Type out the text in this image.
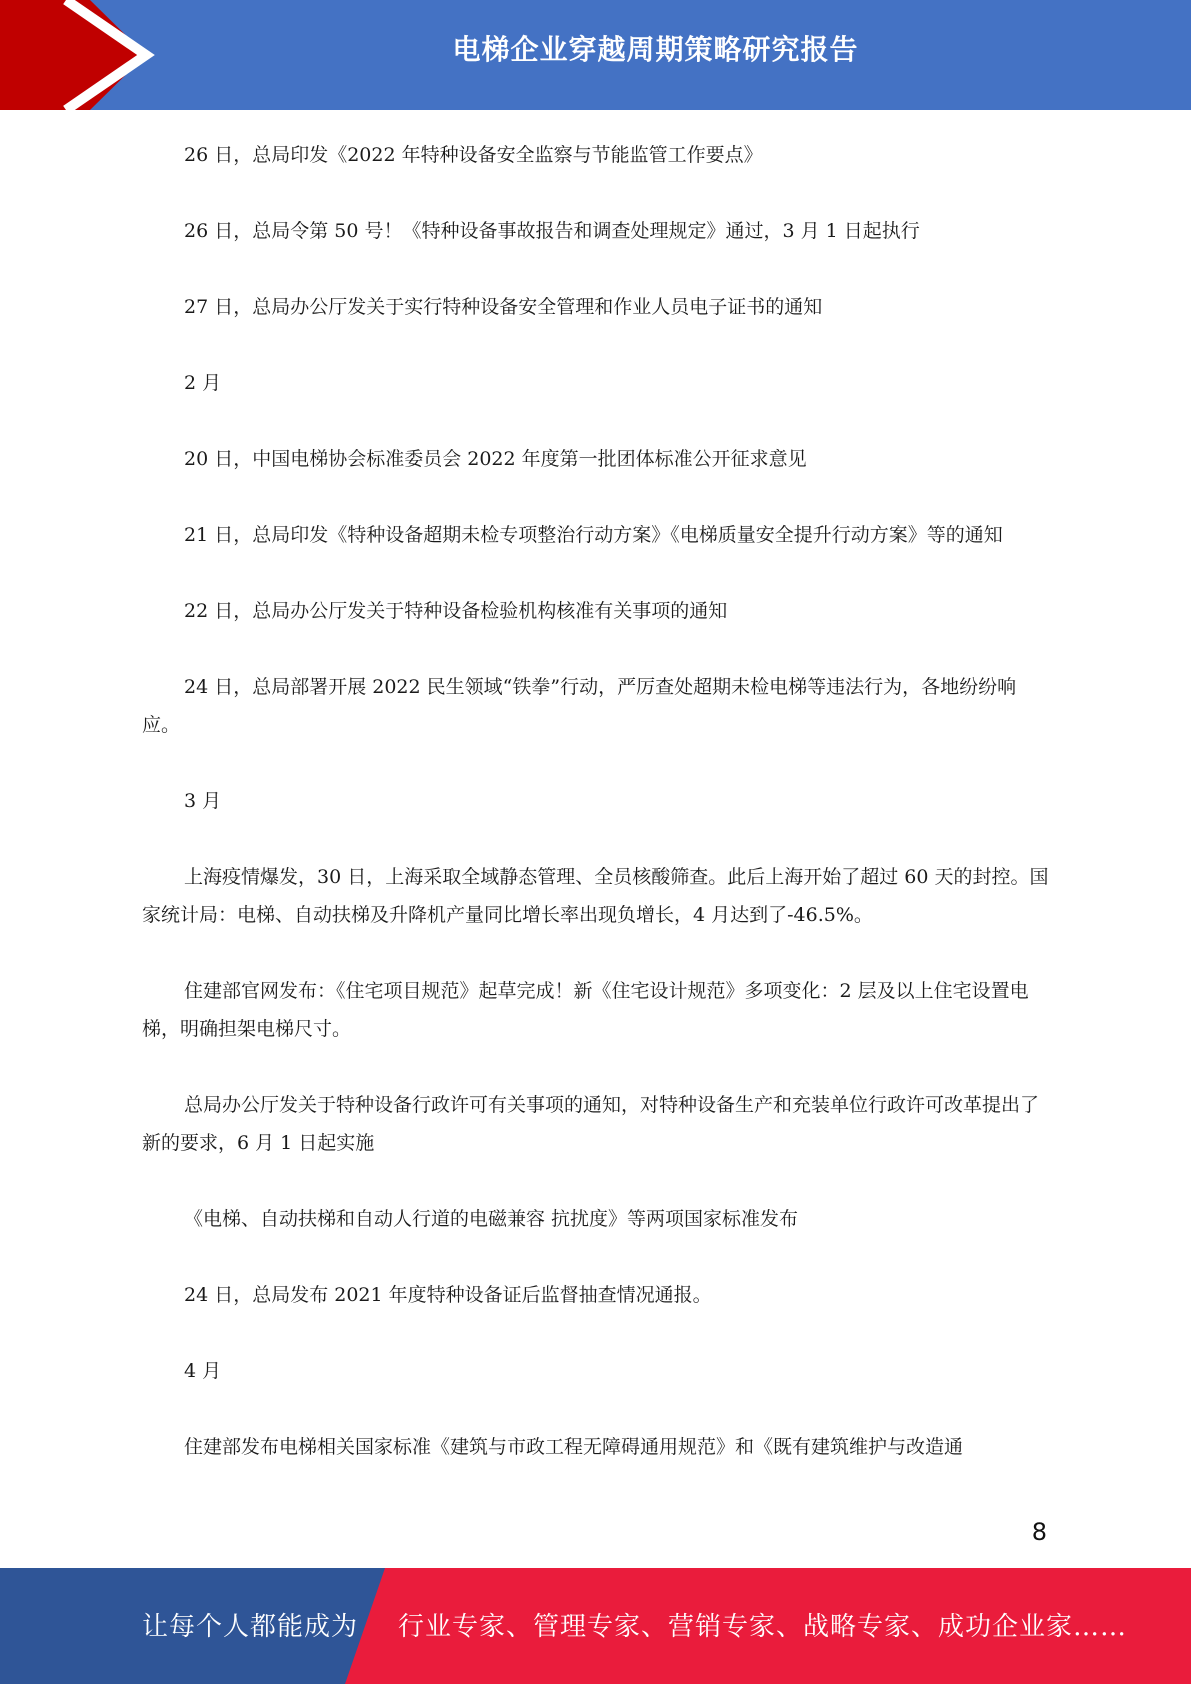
电梯企业穿越周期策略研究报告

26 日，总局印发《2022 年特种设备安全监察与节能监管工作要点》

26 日，总局令第 50 号！《特种设备事故报告和调查处理规定》通过，3 月 1 日起执行

27 日，总局办公厅发关于实行特种设备安全管理和作业人员电子证书的通知

2 月

20 日，中国电梯协会标准委员会 2022 年度第一批团体标准公开征求意见

21 日，总局印发《特种设备超期未检专项整治行动方案》《电梯质量安全提升行动方案》等的通知

22 日，总局办公厅发关于特种设备检验机构核准有关事项的通知

24 日，总局部署开展 2022 民生领域“铁拳”行动，严厉查处超期未检电梯等违法行为，各地纷纷响应。

3 月

上海疫情爆发，30 日，上海采取全域静态管理、全员核酸筛查。此后上海开始了超过 60 天的封控。国家统计局：电梯、自动扶梯及升降机产量同比增长率出现负增长，4 月达到了-46.5%。

住建部官网发布：《住宅项目规范》起草完成！新《住宅设计规范》多项变化：2 层及以上住宅设置电梯，明确担架电梯尺寸。

总局办公厅发关于特种设备行政许可有关事项的通知，对特种设备生产和充装单位行政许可改革提出了新的要求，6 月 1 日起实施

《电梯、自动扶梯和自动人行道的电磁兼容 抗扰度》等两项国家标准发布

24 日，总局发布 2021 年度特种设备证后监督抽查情况通报。

4 月

住建部发布电梯相关国家标准《建筑与市政工程无障碍通用规范》和《既有建筑维护与改造通

8
让每个人都能成为 行业专家、管理专家、营销专家、战略专家、成功企业家……
